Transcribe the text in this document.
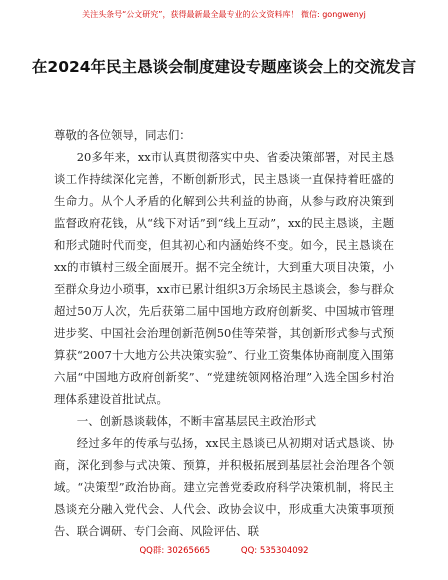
关注头条号“公文研究”，获得最新最全最专业的公文资料库！ 微信: gongwenyj
在2024年民主恳谈会制度建设专题座谈会上的交流发言

尊敬的各位领导，同志们：

20多年来，xx市认真贯彻落实中央、省委决策部署，对民主恳谈工作持续深化完善，不断创新形式，民主恳谈一直保持着旺盛的生命力。从个人矛盾的化解到公共利益的协商，从参与政府决策到监督政府花钱，从“线下对话”到“线上互动”，xx的民主恳谈，主题和形式随时代而变，但其初心和内涵始终不变。如今，民主恳谈在xx的市镇村三级全面展开。据不完全统计，大到重大项目决策，小至群众身边小琐事，xx市已累计组织3万余场民主恳谈会，参与群众超过50万人次，先后获第二届中国地方政府创新奖、中国城市管理进步奖、中国社会治理创新范例50佳等荣誉，其创新形式参与式预算获“2007十大地方公共决策实验”、行业工资集体协商制度入围第六届“中国地方政府创新奖”、“党建统领网格治理”入选全国乡村治理体系建设首批试点。

一、创新恳谈载体，不断丰富基层民主政治形式

经过多年的传承与弘扬，xx民主恳谈已从初期对话式恳谈、协商，深化到参与式决策、预算，并积极拓展到基层社会治理各个领域。“决策型”政治协商。建立完善党委政府科学决策机制，将民主恳谈充分融入党代会、人代会、政协会议中，形成重大决策事项预告、联合调研、专门会商、风险评估、联

QQ群: 30265665	QQ: 535304092
